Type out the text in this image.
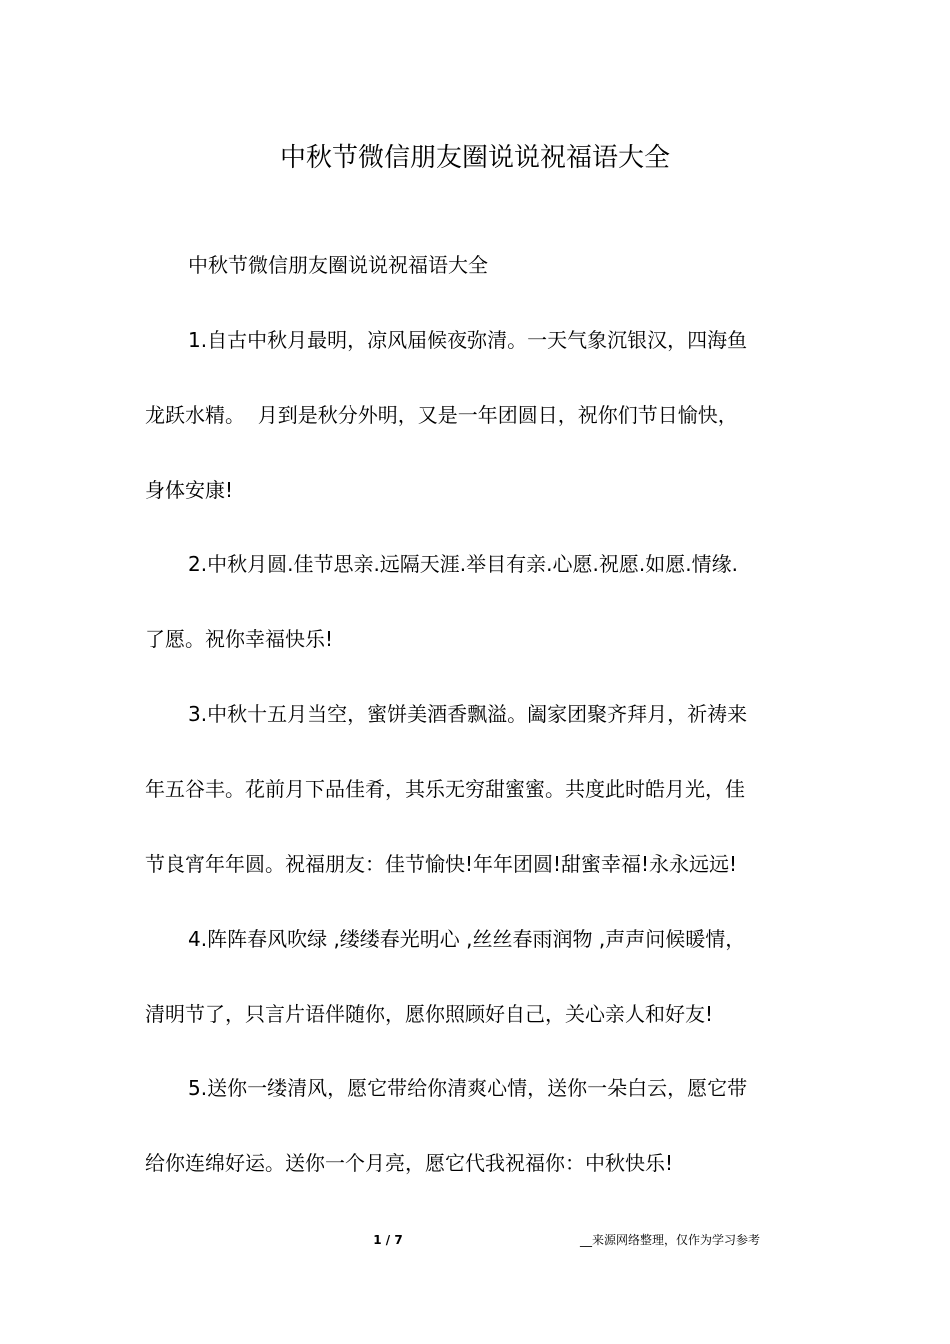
中秋节微信朋友圈说说祝福语大全
中秋节微信朋友圈说说祝福语大全
1.自古中秋月最明，凉风届候夜弥清。一天气象沉银汉，四海鱼
龙跃水精。  月到是秋分外明，又是一年团圆日，祝你们节日愉快，
身体安康!
2.中秋月圆.佳节思亲.远隔天涯.举目有亲.心愿.祝愿.如愿.情缘.
了愿。祝你幸福快乐!
3.中秋十五月当空，蜜饼美酒香飘溢。阖家团聚齐拜月，祈祷来
年五谷丰。花前月下品佳肴，其乐无穷甜蜜蜜。共度此时皓月光，佳
节良宵年年圆。祝福朋友：佳节愉快!年年团圆!甜蜜幸福!永永远远!
4.阵阵春风吹绿 ,缕缕春光明心 ,丝丝春雨润物 ,声声问候暖情，
清明节了，只言片语伴随你，愿你照顾好自己，关心亲人和好友!
5.送你一缕清风，愿它带给你清爽心情，送你一朵白云，愿它带
给你连绵好运。送你一个月亮，愿它代我祝福你：中秋快乐!
1 / 7	__来源网络整理，仅作为学习参考
